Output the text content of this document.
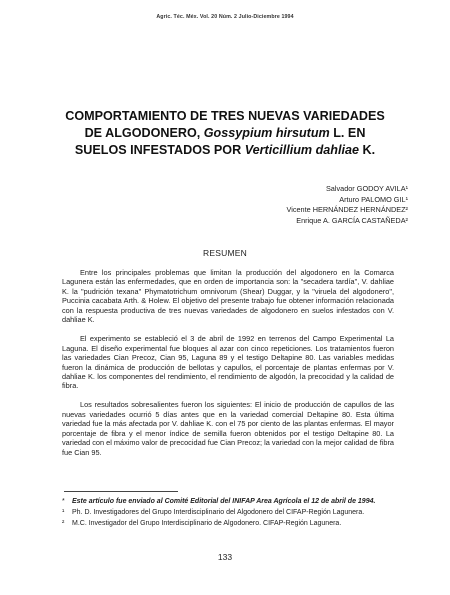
Agric. Téc. Méx. Vol. 20 Núm. 2 Julio-Diciembre 1994
COMPORTAMIENTO DE TRES NUEVAS VARIEDADES DE ALGODONERO, Gossypium hirsutum L. EN SUELOS INFESTADOS POR Verticillium dahliae K.
Salvador GODOY AVILA¹
Arturo PALOMO GIL¹
Vicente HERNÁNDEZ HERNÁNDEZ²
Enrique A. GARCÍA CASTAÑEDA²
RESUMEN

Entre los principales problemas que limitan la producción del algodonero en la Comarca Lagunera están las enfermedades, que en orden de importancia son: la "secadera tardía", V. dahliae K. la "pudrición texana" Phymatotrichum omnivorum (Shear) Duggar, y la "viruela del algodonero", Puccinia cacabata Arth. & Holew. El objetivo del presente trabajo fue obtener información relacionada con la respuesta productiva de tres nuevas variedades de algodonero en suelos infestados con V. dahliae K.

El experimento se estableció el 3 de abril de 1992 en terrenos del Campo Experimental La Laguna. El diseño experimental fue bloques al azar con cinco repeticiones. Los tratamientos fueron las variedades Cian Precoz, Cian 95, Laguna 89 y el testigo Deltapine 80. Las variables medidas fueron la dinámica de producción de bellotas y capullos, el porcentaje de plantas enfermas por V. dahliae K. los componentes del rendimiento, el rendimiento de algodón, la precocidad y la calidad de fibra.

Los resultados sobresalientes fueron los siguientes: El inicio de producción de capullos de las nuevas variedades ocurrió 5 días antes que en la variedad comercial Deltapine 80. Esta última variedad fue la más afectada por V. dahliae K. con el 75 por ciento de las plantas enfermas. El mayor porcentaje de fibra y el menor índice de semilla fueron obtenidos por el testigo Deltapine 80. La variedad con el máximo valor de precocidad fue Cian Precoz; la variedad con la mejor calidad de fibra fue Cian 95.

*	Este artículo fue enviado al Comité Editorial del INIFAP Area Agrícola el 12 de abril de 1994.
¹	Ph. D. Investigadores del Grupo Interdisciplinario del Algodonero del CIFAP-Región Lagunera.
²	M.C. Investigador del Grupo Interdisciplinario de Algodonero. CIFAP-Región Lagunera.
133
